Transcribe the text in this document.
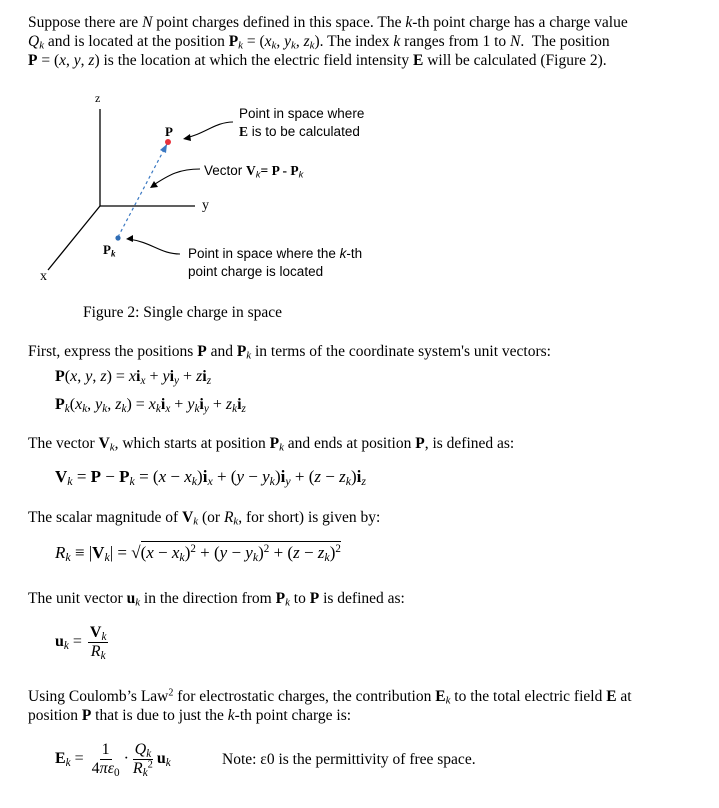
Suppose there are N point charges defined in this space. The k-th point charge has a charge value
$Q_k$ and is located at the position $P_k = (x_k$, $y_k$, $z_k$). The index k ranges from 1 to N.  The position
P = (x, y, z) is the location at which the electric field intensity E will be calculated (Figure 2).
z
y
x
P
$P_k$
Point in space where
E is to be calculated
Vector $V_k= P - P_k$
Point in space where the k-th
point charge is located
Figure 2: Single charge in space
First, express the positions P and $P_k$ in terms of the coordinate system's unit vectors:
P(x, y, $z) = xi_x + yi_y + zi_z$
$P_k(x_k$, $y_k$, $z_k) = x_ki_x + y_ki_y + z_ki_z$
The vector $V_k$, which starts at position $P_k$ and ends at position P, is defined as:
$V_k = P - P_k = (x - x_k)i_x + (y - y_k)i_y + (z - z_k)i_z$
The scalar magnitude of $V_k$ (or $R_k$, for short) is given by:
$R_k \equiv |V_k| = √(x - x_k)^2 + (y - y_k)^2 + (z - z_k)^2$
The unit vector $u_k$ in the direction from $P_k$ to P is defined as:
$u_k = \frac{V_k}{R_k}$
Using Coulomb’s Law$^2$ for electrostatic charges, the contribution $E_k$ to the total electric field E at
position P that is due to just the k-th point charge is:
$E_k = \frac{1}{4\pi\varepsilon_0} \cdot \frac{Q_k}{R_k^2} u_k$	Note: ε0 is the permittivity of free space.
